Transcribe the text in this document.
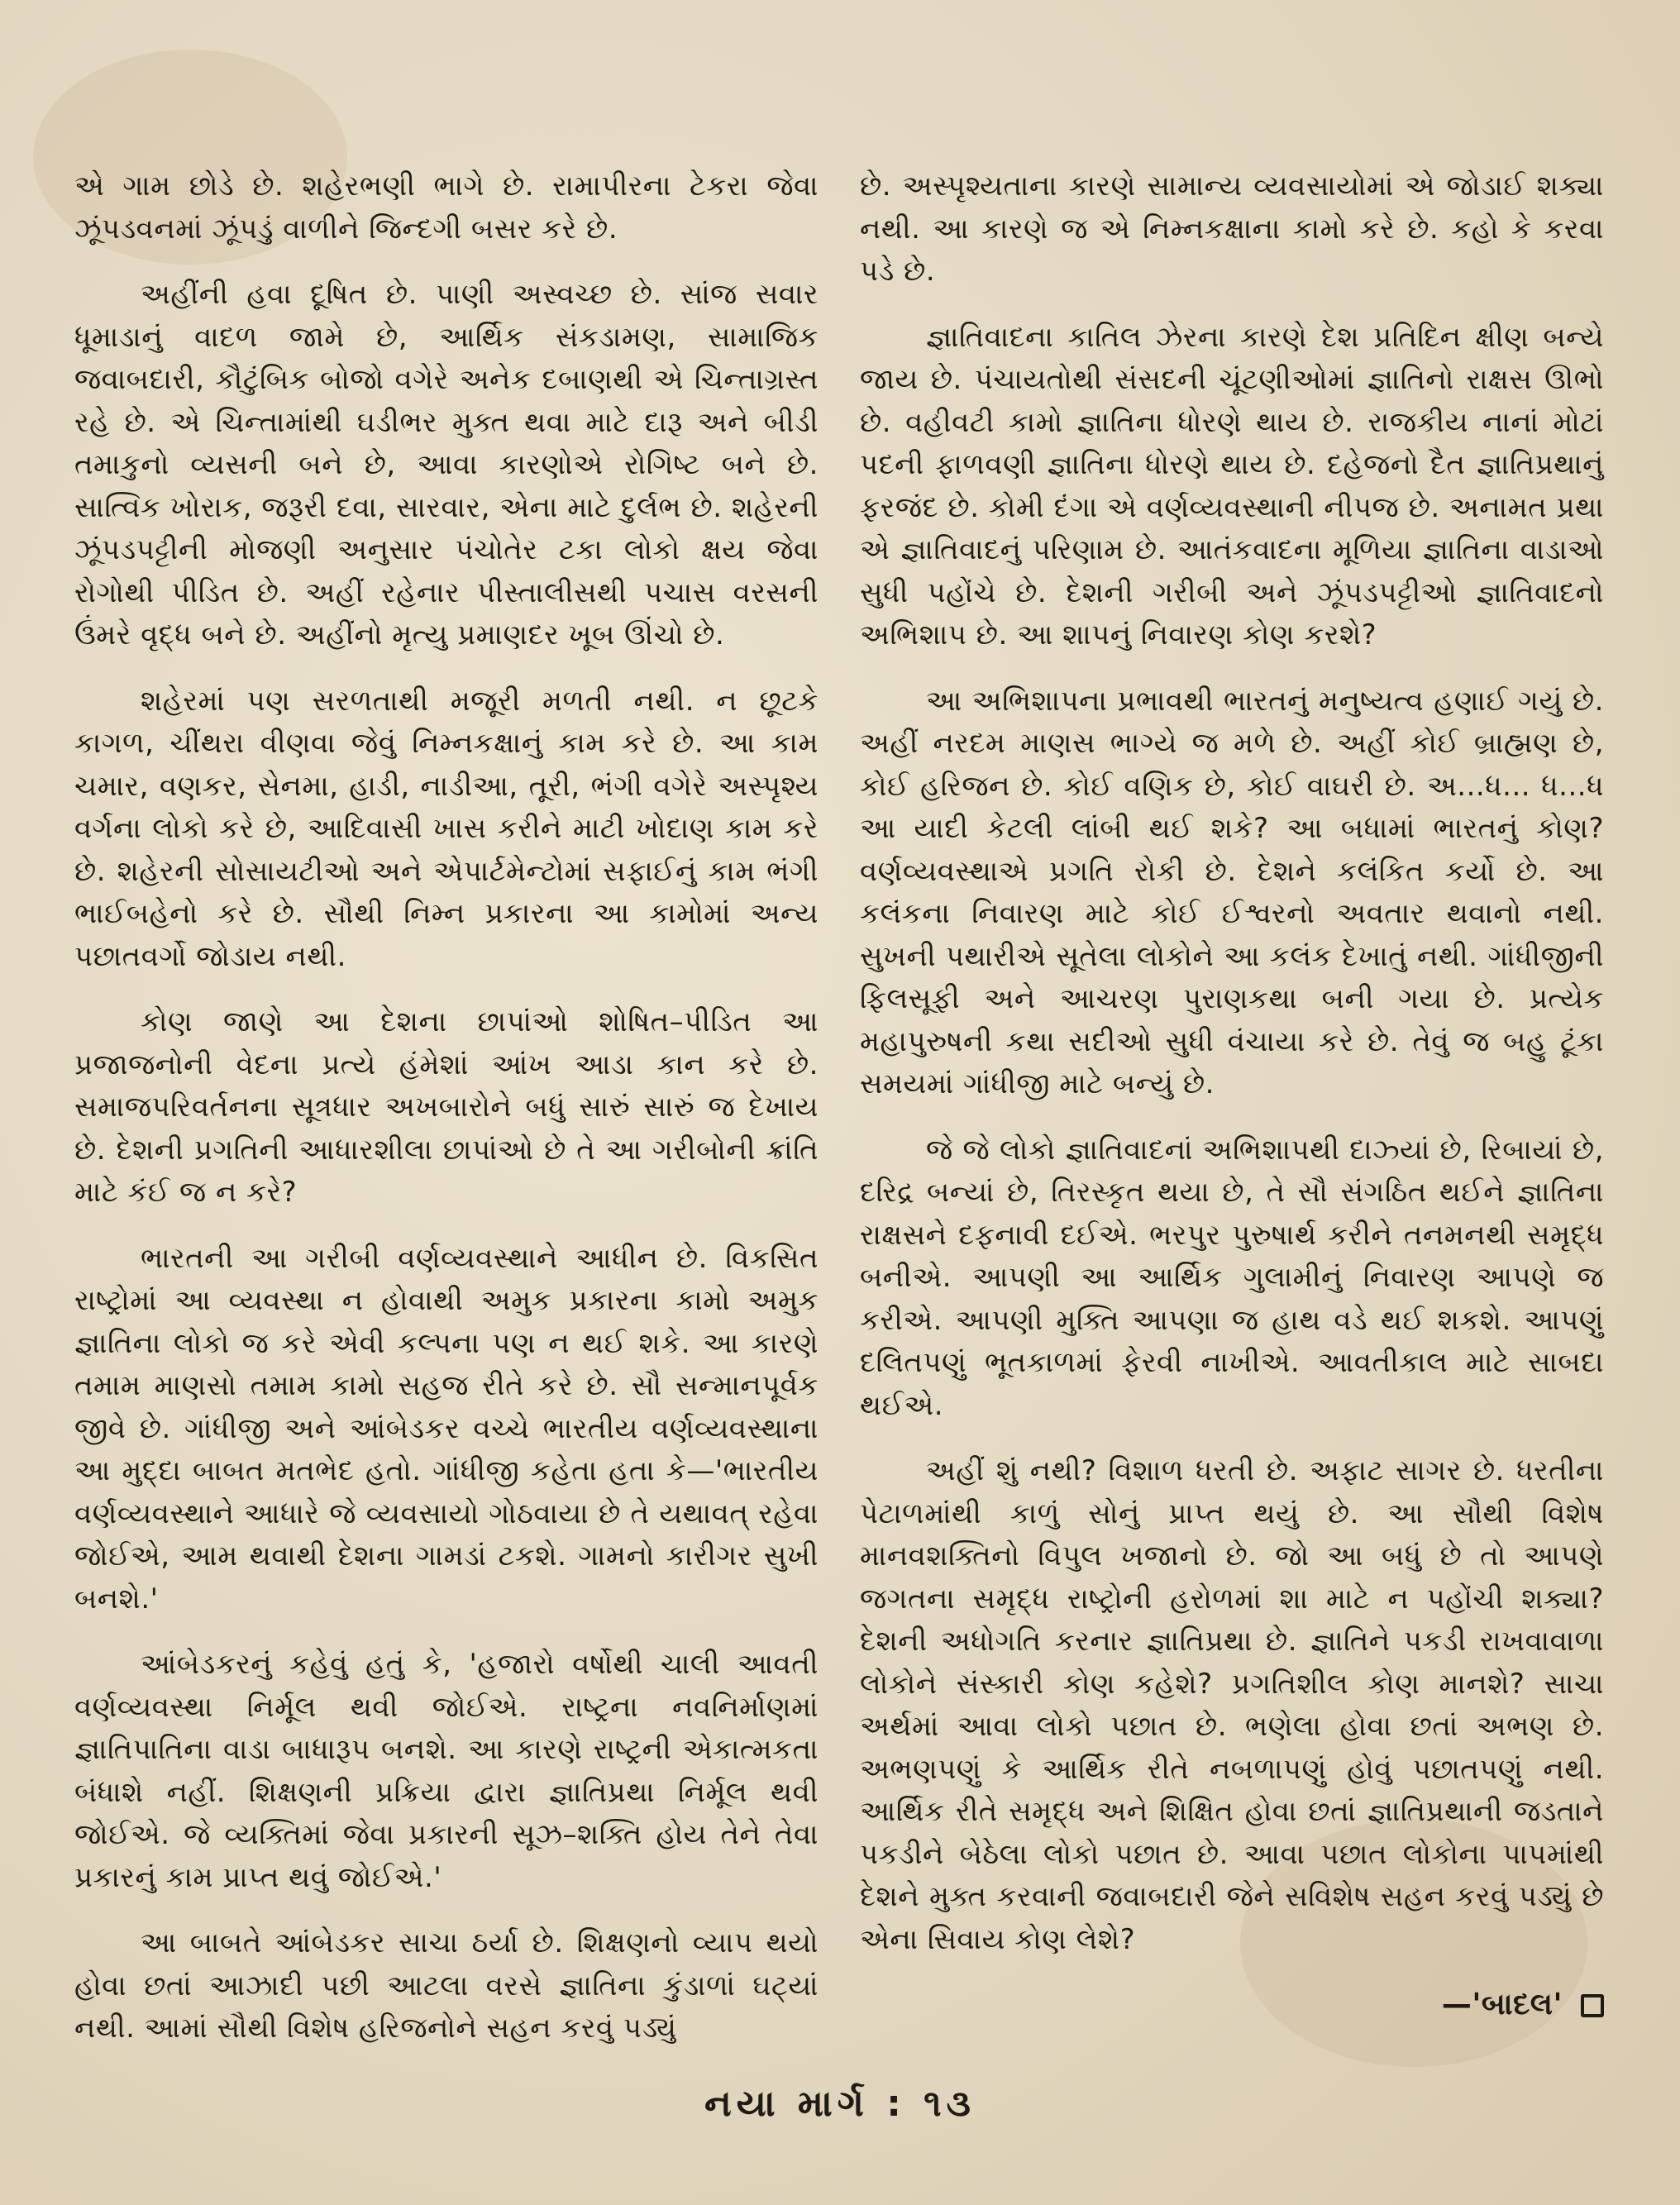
એ ગામ છોડે છે. શહેરભણી ભાગે છે. રામાપીરના ટેકરા જેવા ઝૂંપડવનમાં ઝૂંપડું વાળીને જિન્દગી બસર કરે છે.

અહીંની હવા દૂષિત છે. પાણી અસ્વચ્છ છે. સાંજ સવાર ધૂમાડાનું વાદળ જામે છે, આર્થિક સંકડામણ, સામાજિક જવાબદારી, કૌટુંબિક બોજો વગેરે અનેક દબાણથી એ ચિન્તાગ્રસ્ત રહે છે. એ ચિન્તામાંથી ઘડીભર મુક્ત થવા માટે દારૂ અને બીડી તમાકુનો વ્યસની બને છે, આવા કારણોએ રોગિષ્ટ બને છે. સાત્વિક ખોરાક, જરૂરી દવા, સારવાર, એના માટે દુર્લભ છે. શહેરની ઝૂંપડપટ્ટીની મોજણી અનુસાર પંચોતેર ટકા લોકો ક્ષય જેવા રોગોથી પીડિત છે. અહીં રહેનાર પીસ્તાલીસથી પચાસ વરસની ઉંમરે વૃદ્ધ બને છે. અહીંનો મૃત્યુ પ્રમાણદર ખૂબ ઊંચો છે.

શહેરમાં પણ સરળતાથી મજૂરી મળતી નથી. ન છૂટકે કાગળ, ચીંથરા વીણવા જેવું નિમ્નકક્ષાનું કામ કરે છે. આ કામ ચમાર, વણકર, સેનમા, હાડી, નાડીઆ, તૂરી, ભંગી વગેરે અસ્પૃશ્ય વર્ગના લોકો કરે છે, આદિવાસી ખાસ કરીને માટી ખોદાણ કામ કરે છે. શહેરની સોસાયટીઓ અને એપાર્ટમેન્ટોમાં સફાઈનું કામ ભંગી ભાઈબહેનો કરે છે. સૌથી નિમ્ન પ્રકારના આ કામોમાં અન્ય પછાતવર્ગો જોડાય નથી.

કોણ જાણે આ દેશના છાપાંઓ શોષિત–પીડિત આ પ્રજાજનોની વેદના પ્રત્યે હંમેશાં આંખ આડા કાન કરે છે. સમાજપરિવર્તનના સૂત્રધાર અખબારોને બધું સારું સારું જ દેખાય છે. દેશની પ્રગતિની આધારશીલા છાપાંઓ છે તે આ ગરીબોની ક્રાંતિ માટે કંઈ જ ન કરે?

ભારતની આ ગરીબી વર્ણવ્યવસ્થાને આધીન છે. વિકસિત રાષ્ટ્રોમાં આ વ્યવસ્થા ન હોવાથી અમુક પ્રકારના કામો અમુક જ્ઞાતિના લોકો જ કરે એવી કલ્પના પણ ન થઈ શકે. આ કારણે તમામ માણસો તમામ કામો સહજ રીતે કરે છે. સૌ સન્માનપૂર્વક જીવે છે. ગાંધીજી અને આંબેડકર વચ્ચે ભારતીય વર્ણવ્યવસ્થાના આ મુદ્દા બાબત મતભેદ હતો. ગાંધીજી કહેતા હતા કે—'ભારતીય વર્ણવ્યવસ્થાને આધારે જે વ્યવસાયો ગોઠવાયા છે તે યથાવત્ રહેવા જોઈએ, આમ થવાથી દેશના ગામડાં ટકશે. ગામનો કારીગર સુખી બનશે.'

આંબેડકરનું કહેવું હતું કે, 'હજારો વર્ષોથી ચાલી આવતી વર્ણવ્યવસ્થા નિર્મૂલ થવી જોઈએ. રાષ્ટ્રના નવનિર્માણમાં જ્ઞાતિપાતિના વાડા બાધારૂપ બનશે. આ કારણે રાષ્ટ્રની એકાત્મકતા બંધાશે નહીં. શિક્ષણની પ્રક્રિયા દ્વારા જ્ઞાતિપ્રથા નિર્મૂલ થવી જોઈએ. જે વ્યક્તિમાં જેવા પ્રકારની સૂઝ–શક્તિ હોય તેને તેવા પ્રકારનું કામ પ્રાપ્ત થવું જોઈએ.'

આ બાબતે આંબેડકર સાચા ઠર્યા છે. શિક્ષણનો વ્યાપ થયો હોવા છતાં આઝાદી પછી આટલા વરસે જ્ઞાતિના કુંડાળાં ઘટ્યાં નથી. આમાં સૌથી વિશેષ હરિજનોને સહન કરવું પડ્યું

છે. અસ્પૃશ્યતાના કારણે સામાન્ય વ્યવસાયોમાં એ જોડાઈ શક્યા નથી. આ કારણે જ એ નિમ્નકક્ષાના કામો કરે છે. કહો કે કરવા પડે છે.

જ્ઞાતિવાદના કાતિલ ઝેરના કારણે દેશ પ્રતિદિન ક્ષીણ બન્યે જાય છે. પંચાયતોથી સંસદની ચૂંટણીઓમાં જ્ઞાતિનો રાક્ષસ ઊભો છે. વહીવટી કામો જ્ઞાતિના ધોરણે થાય છે. રાજકીય નાનાં મોટાં પદની ફાળવણી જ્ઞાતિના ધોરણે થાય છે. દહેજનો દૈત જ્ઞાતિપ્રથાનું ફરજંદ છે. કોમી દંગા એ વર્ણવ્યવસ્થાની નીપજ છે. અનામત પ્રથા એ જ્ઞાતિવાદનું પરિણામ છે. આતંકવાદના મૂળિયા જ્ઞાતિના વાડાઓ સુધી પહોંચે છે. દેશની ગરીબી અને ઝૂંપડપટ્ટીઓ જ્ઞાતિવાદનો અભિશાપ છે. આ શાપનું નિવારણ કોણ કરશે?

આ અભિશાપના પ્રભાવથી ભારતનું મનુષ્યત્વ હણાઈ ગયું છે. અહીં નરદમ માણસ ભાગ્યે જ મળે છે. અહીં કોઈ બ્રાહ્મણ છે, કોઈ હરિજન છે. કોઈ વણિક છે, કોઈ વાઘરી છે. અ...ધ... ધ...ધ આ યાદી કેટલી લાંબી થઈ શકે? આ બધામાં ભારતનું કોણ? વર્ણવ્યવસ્થાએ પ્રગતિ રોકી છે. દેશને કલંકિત કર્યો છે. આ કલંકના નિવારણ માટે કોઈ ઈશ્વરનો અવતાર થવાનો નથી. સુખની પથારીએ સૂતેલા લોકોને આ કલંક દેખાતું નથી. ગાંધીજીની ફિલસૂફી અને આચરણ પુરાણકથા બની ગયા છે. પ્રત્યેક મહાપુરુષની કથા સદીઓ સુધી વંચાયા કરે છે. તેવું જ બહુ ટૂંકા સમયમાં ગાંધીજી માટે બન્યું છે.

જે જે લોકો જ્ઞાતિવાદનાં અભિશાપથી દાઝ્યાં છે, રિબાયાં છે, દરિદ્ર બન્યાં છે, તિરસ્કૃત થયા છે, તે સૌ સંગઠિત થઈને જ્ઞાતિના રાક્ષસને દફનાવી દઈએ. ભરપુર પુરુષાર્થ કરીને તનમનથી સમૃદ્ધ બનીએ. આપણી આ આર્થિક ગુલામીનું નિવારણ આપણે જ કરીએ. આપણી મુક્તિ આપણા જ હાથ વડે થઈ શકશે. આપણું દલિતપણું ભૂતકાળમાં ફેરવી નાખીએ. આવતીકાલ માટે સાબદા થઈએ.

અહીં શું નથી? વિશાળ ધરતી છે. અફાટ સાગર છે. ધરતીના પેટાળમાંથી કાળું સોનું પ્રાપ્ત થયું છે. આ સૌથી વિશેષ માનવશક્તિનો વિપુલ ખજાનો છે. જો આ બધું છે તો આપણે જગતના સમૃદ્ધ રાષ્ટ્રોની હરોળમાં શા માટે ન પહોંચી શક્યા? દેશની અધોગતિ કરનાર જ્ઞાતિપ્રથા છે. જ્ઞાતિને પકડી રાખવાવાળા લોકોને સંસ્કારી કોણ કહેશે? પ્રગતિશીલ કોણ માનશે? સાચા અર્થમાં આવા લોકો પછાત છે. ભણેલા હોવા છતાં અભણ છે. અભણપણું કે આર્થિક રીતે નબળાપણું હોવું પછાતપણું નથી. આર્થિક રીતે સમૃદ્ધ અને શિક્ષિત હોવા છતાં જ્ઞાતિપ્રથાની જડતાને પકડીને બેઠેલા લોકો પછાત છે. આવા પછાત લોકોના પાપમાંથી દેશને મુક્ત કરવાની જવાબદારી જેને સવિશેષ સહન કરવું પડ્યું છે એના સિવાય કોણ લેશે?

—'બાદલ'
નયા માર્ગ : ૧૩
